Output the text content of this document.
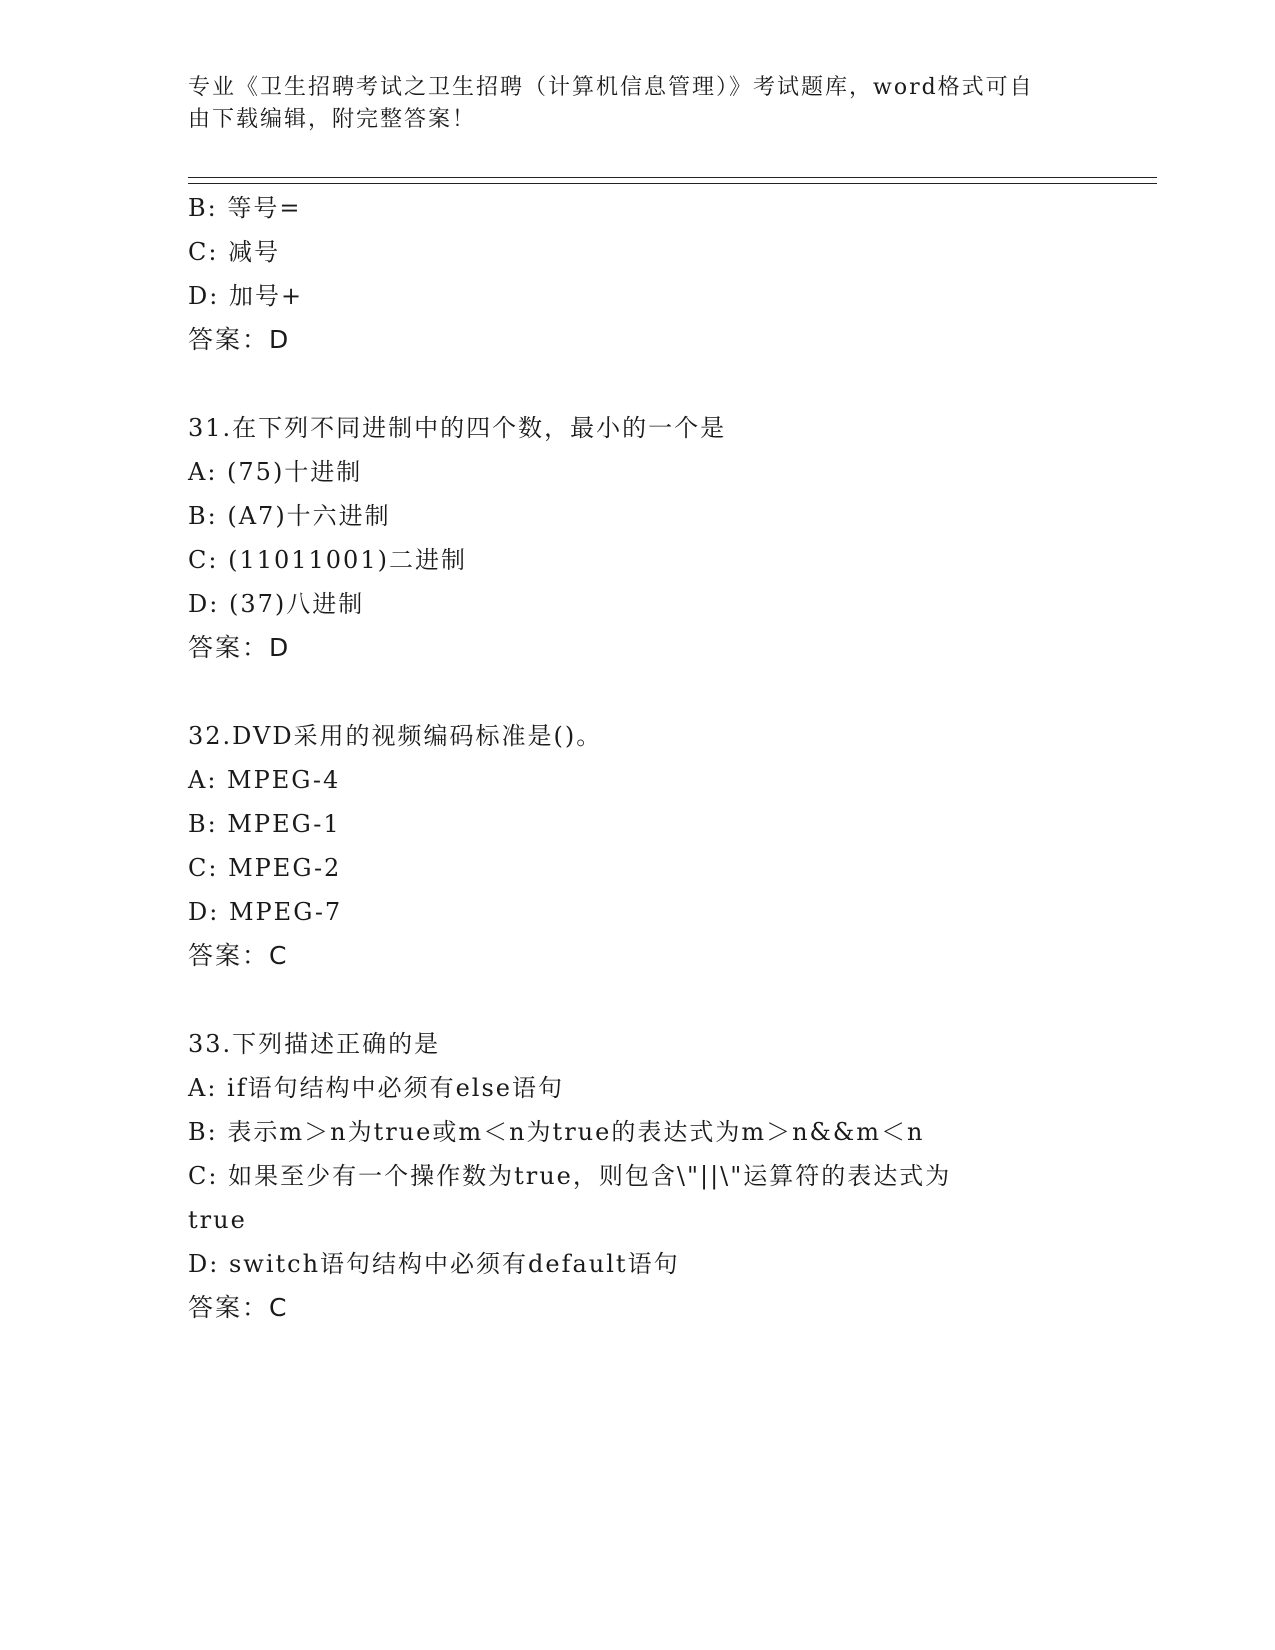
专业《卫生招聘考试之卫生招聘（计算机信息管理）》考试题库，word格式可自
由下载编辑，附完整答案！
B: 等号=
C: 减号
D: 加号+
答案：D
31.在下列不同进制中的四个数，最小的一个是
A: (75)十进制
B: (A7)十六进制
C: (11011001)二进制
D: (37)八进制
答案：D
32.DVD采用的视频编码标准是()。
A: MPEG-4
B: MPEG-1
C: MPEG-2
D: MPEG-7
答案：C
33.下列描述正确的是
A: if语句结构中必须有else语句
B: 表示m＞n为true或m＜n为true的表达式为m＞n&&m＜n
C: 如果至少有一个操作数为true，则包含\"||\"运算符的表达式为
true
D: switch语句结构中必须有default语句
答案：C
